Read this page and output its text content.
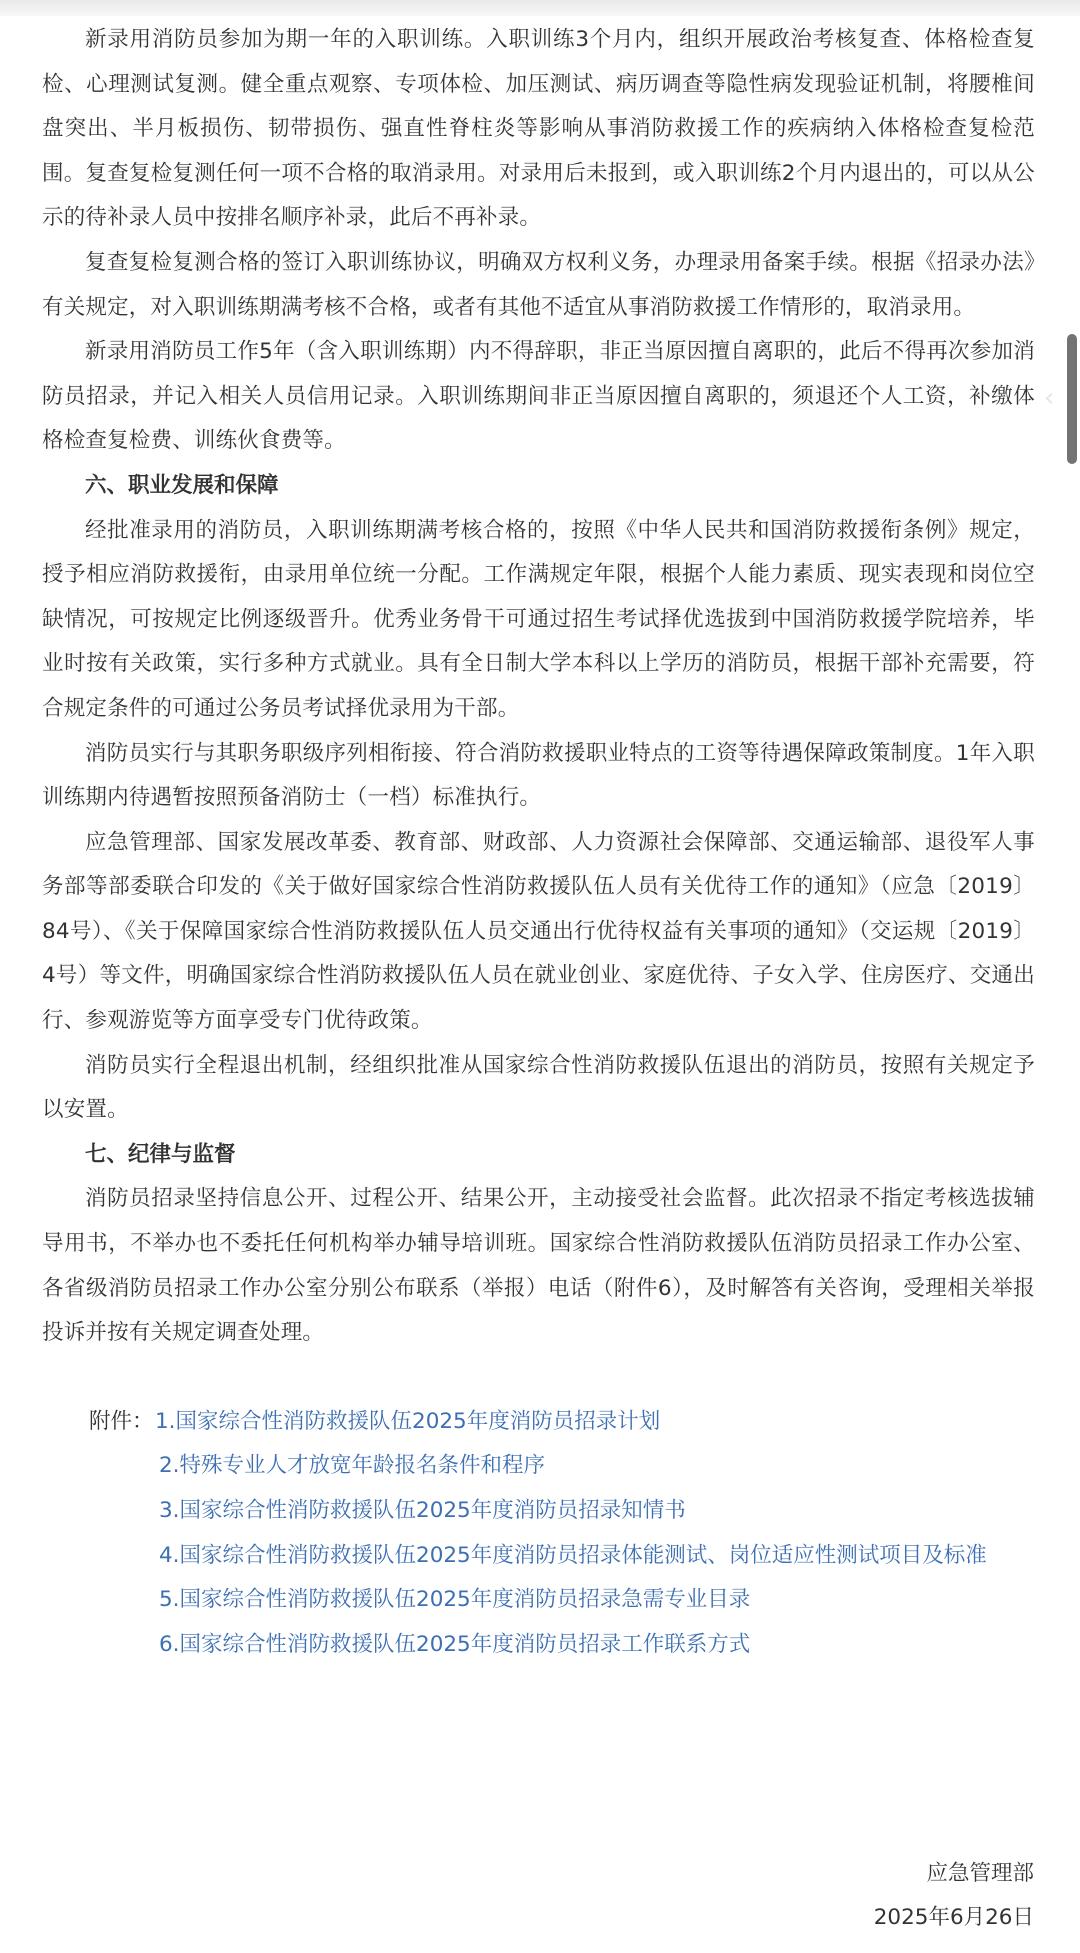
新录用消防员参加为期一年的入职训练。入职训练3个月内，组织开展政治考核复查、体格检查复检、心理测试复测。健全重点观察、专项体检、加压测试、病历调查等隐性病发现验证机制，将腰椎间盘突出、半月板损伤、韧带损伤、强直性脊柱炎等影响从事消防救援工作的疾病纳入体格检查复检范围。复查复检复测任何一项不合格的取消录用。对录用后未报到，或入职训练2个月内退出的，可以从公示的待补录人员中按排名顺序补录，此后不再补录。

复查复检复测合格的签订入职训练协议，明确双方权利义务，办理录用备案手续。根据《招录办法》有关规定，对入职训练期满考核不合格，或者有其他不适宜从事消防救援工作情形的，取消录用。

新录用消防员工作5年（含入职训练期）内不得辞职，非正当原因擅自离职的，此后不得再次参加消防员招录，并记入相关人员信用记录。入职训练期间非正当原因擅自离职的，须退还个人工资，补缴体格检查复检费、训练伙食费等。

六、职业发展和保障

经批准录用的消防员，入职训练期满考核合格的，按照《中华人民共和国消防救援衔条例》规定，授予相应消防救援衔，由录用单位统一分配。工作满规定年限，根据个人能力素质、现实表现和岗位空缺情况，可按规定比例逐级晋升。优秀业务骨干可通过招生考试择优选拔到中国消防救援学院培养，毕业时按有关政策，实行多种方式就业。具有全日制大学本科以上学历的消防员，根据干部补充需要，符合规定条件的可通过公务员考试择优录用为干部。

消防员实行与其职务职级序列相衔接、符合消防救援职业特点的工资等待遇保障政策制度。1年入职训练期内待遇暂按照预备消防士（一档）标准执行。

应急管理部、国家发展改革委、教育部、财政部、人力资源社会保障部、交通运输部、退役军人事务部等部委联合印发的《关于做好国家综合性消防救援队伍人员有关优待工作的通知》（应急〔2019〕84号）、《关于保障国家综合性消防救援队伍人员交通出行优待权益有关事项的通知》（交运规〔2019〕4号）等文件，明确国家综合性消防救援队伍人员在就业创业、家庭优待、子女入学、住房医疗、交通出行、参观游览等方面享受专门优待政策。

消防员实行全程退出机制，经组织批准从国家综合性消防救援队伍退出的消防员，按照有关规定予以安置。

七、纪律与监督

消防员招录坚持信息公开、过程公开、结果公开，主动接受社会监督。此次招录不指定考核选拔辅导用书，不举办也不委托任何机构举办辅导培训班。国家综合性消防救援队伍消防员招录工作办公室、各省级消防员招录工作办公室分别公布联系（举报）电话（附件6），及时解答有关咨询，受理相关举报投诉并按有关规定调查处理。

附件： 1.国家综合性消防救援队伍2025年度消防员招录计划
2.特殊专业人才放宽年龄报名条件和程序
3.国家综合性消防救援队伍2025年度消防员招录知情书
4.国家综合性消防救援队伍2025年度消防员招录体能测试、岗位适应性测试项目及标准
5.国家综合性消防救援队伍2025年度消防员招录急需专业目录
6.国家综合性消防救援队伍2025年度消防员招录工作联系方式
应急管理部
2025年6月26日
‹
